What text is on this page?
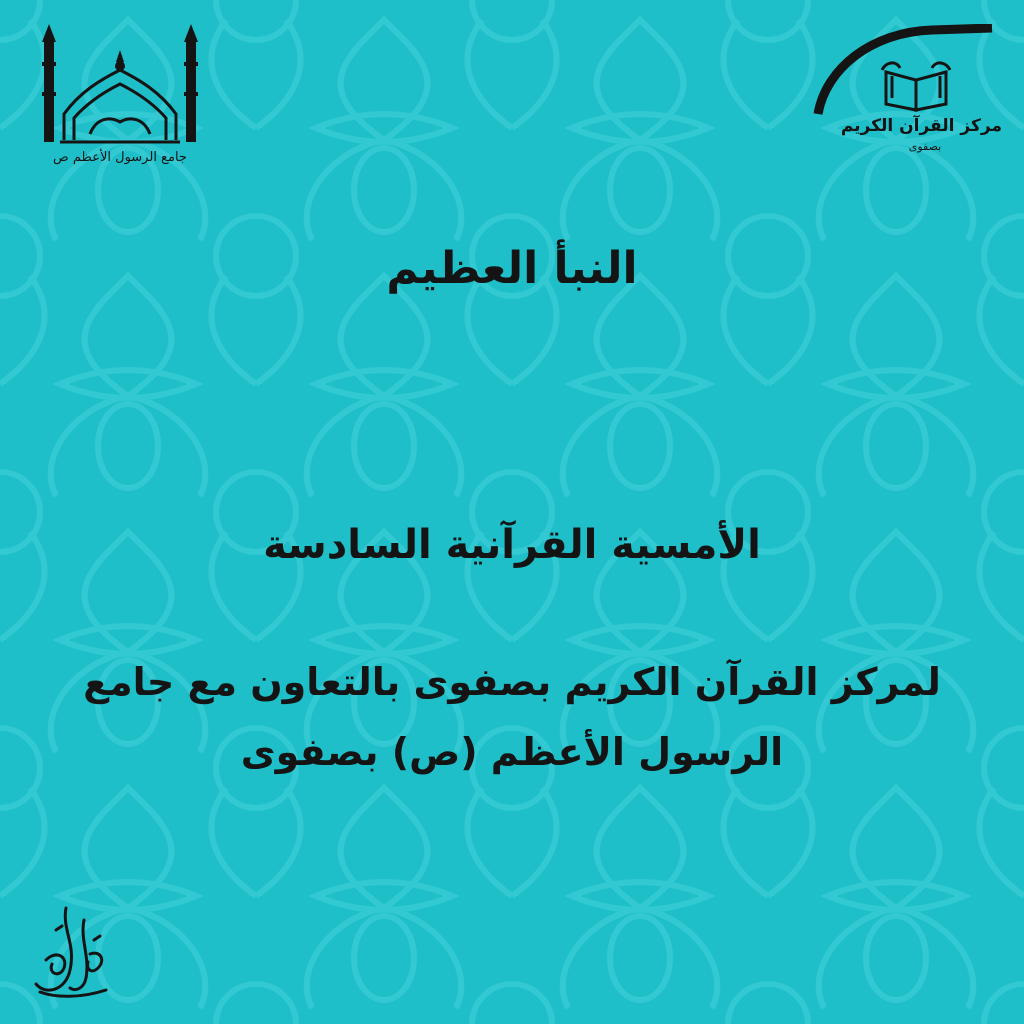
جامع الرسول الأعظم ص
مركز القرآن الكريم
بصفوى
النبأ العظيم
الأمسية القرآنية السادسة
لمركز القرآن الكريم بصفوى بالتعاون مع جامع
الرسول الأعظم (ص) بصفوى
